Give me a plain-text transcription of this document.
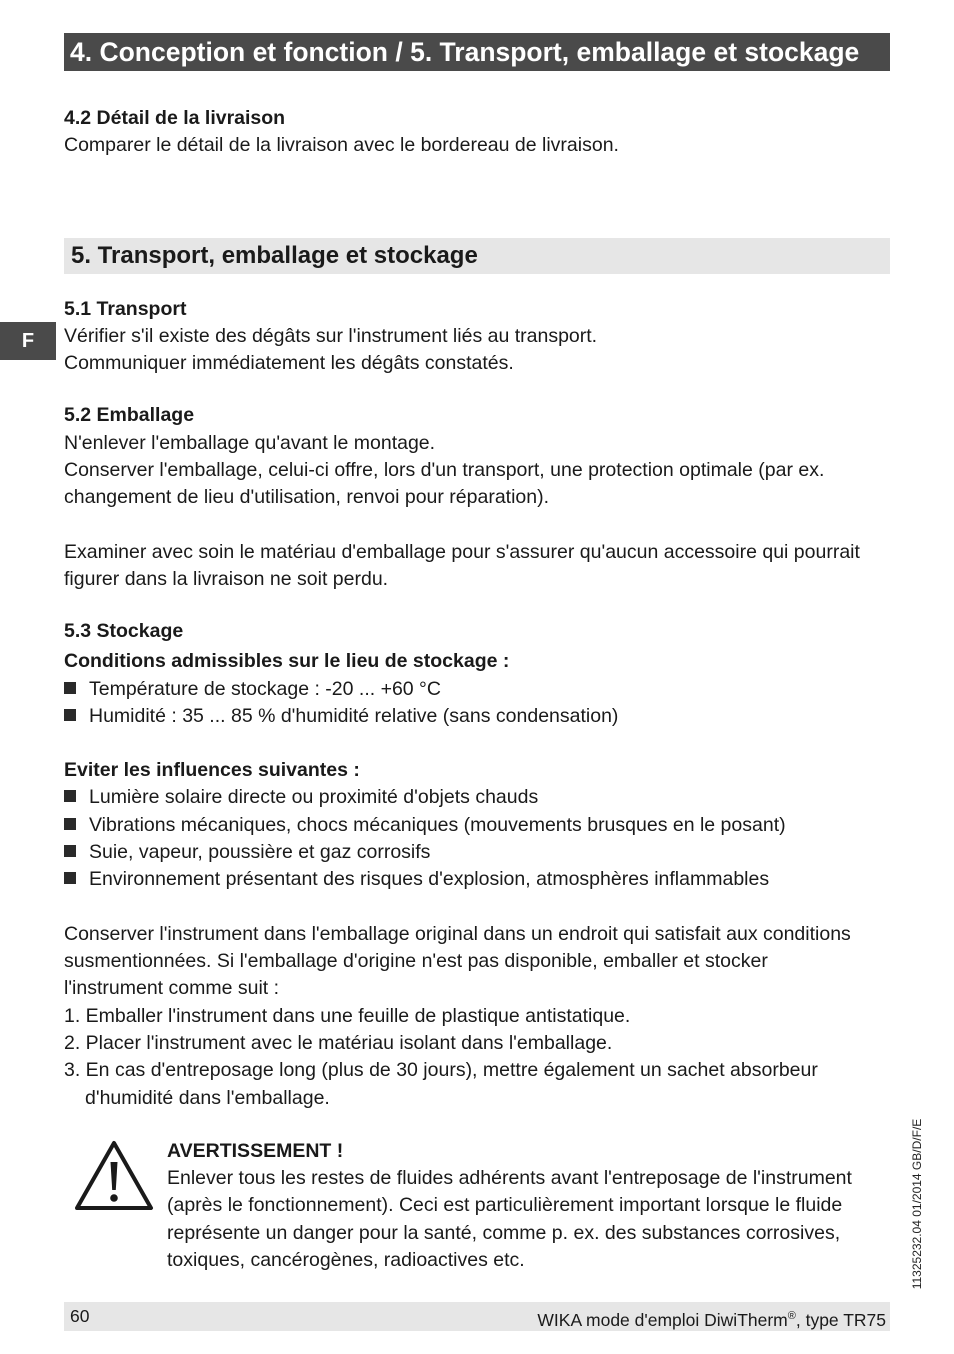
4. Conception et fonction / 5. Transport, emballage et stockage
F
4.2 Détail de la livraison
Comparer le détail de la livraison avec le bordereau de livraison.
5. Transport, emballage et stockage
5.1 Transport
Vérifier s'il existe des dégâts sur l'instrument liés au transport.
Communiquer immédiatement les dégâts constatés.
5.2 Emballage
N'enlever l'emballage qu'avant le montage.
Conserver l'emballage, celui-ci offre, lors d'un transport, une protection optimale (par ex.
changement de lieu d'utilisation, renvoi pour réparation).
Examiner avec soin le matériau d'emballage pour s'assurer qu'aucun accessoire qui pourrait
figurer dans la livraison ne soit perdu.
5.3 Stockage
Conditions admissibles sur le lieu de stockage :
Température de stockage : -20 ... +60 °C
Humidité : 35 ... 85 % d'humidité relative (sans condensation)
Eviter les influences suivantes :
Lumière solaire directe ou proximité d'objets chauds
Vibrations mécaniques, chocs mécaniques (mouvements brusques en le posant)
Suie, vapeur, poussière et gaz corrosifs
Environnement présentant des risques d'explosion, atmosphères inflammables
Conserver l'instrument dans l'emballage original dans un endroit qui satisfait aux conditions
susmentionnées. Si l'emballage d'origine n'est pas disponible, emballer et stocker
l'instrument comme suit :
1. Emballer l'instrument dans une feuille de plastique antistatique.
2. Placer l'instrument avec le matériau isolant dans l'emballage.
3. En cas d'entreposage long (plus de 30 jours), mettre également un sachet absorbeur
d'humidité dans l'emballage.
AVERTISSEMENT !
Enlever tous les restes de fluides adhérents avant l'entreposage de l'instrument
(après le fonctionnement). Ceci est particulièrement important lorsque le fluide
représente un danger pour la santé, comme p. ex. des substances corrosives,
toxiques, cancérogènes, radioactives etc.	11325232.04 01/2014 GB/D/F/E
60	WIKA mode d'emploi DiwiTherm®, type TR75
